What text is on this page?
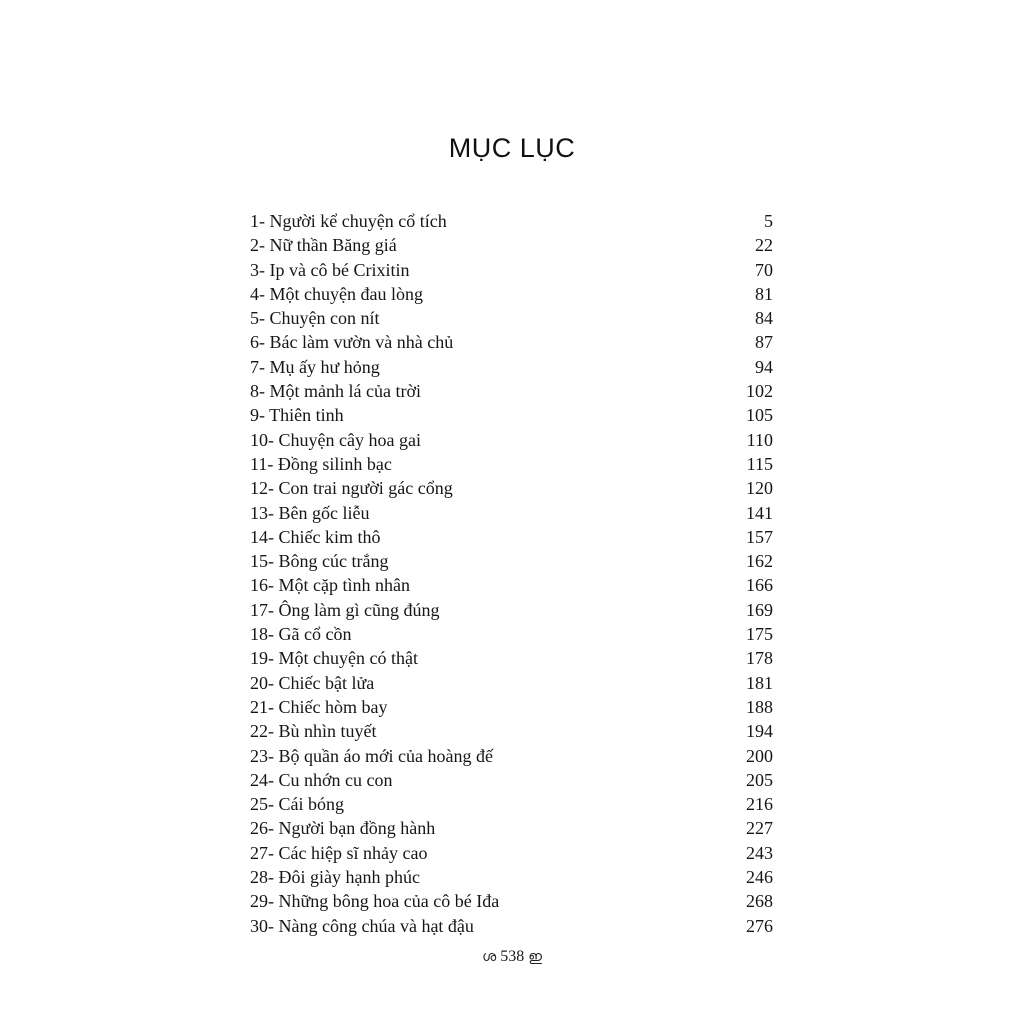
MỤC LỤC
1- Người kể chuyện cổ tích	5
2- Nữ thần Băng giá	22
3- Ip và cô bé Crixitin	70
4- Một chuyện đau lòng	81
5- Chuyện con nít	84
6- Bác làm vườn và nhà chủ	87
7- Mụ ấy hư hỏng	94
8- Một mảnh lá của trời	102
9- Thiên tinh	105
10- Chuyện cây hoa gai	110
11- Đồng silinh bạc	115
12- Con trai người gác cổng	120
13- Bên gốc liễu	141
14- Chiếc kim thô	157
15- Bông cúc trắng	162
16- Một cặp tình nhân	166
17- Ông làm gì cũng đúng	169
18- Gã cổ cồn	175
19- Một chuyện có thật	178
20- Chiếc bật lửa	181
21- Chiếc hòm bay	188
22- Bù nhìn tuyết	194
23- Bộ quần áo mới của hoàng đế	200
24- Cu nhớn cu con	205
25- Cái bóng	216
26- Người bạn đồng hành	227
27- Các hiệp sĩ nhảy cao	243
28- Đôi giày hạnh phúc	246
29- Những bông hoa của cô bé Iđa	268
30- Nàng công chúa và hạt đậu	276
ശ 538 ഇ
